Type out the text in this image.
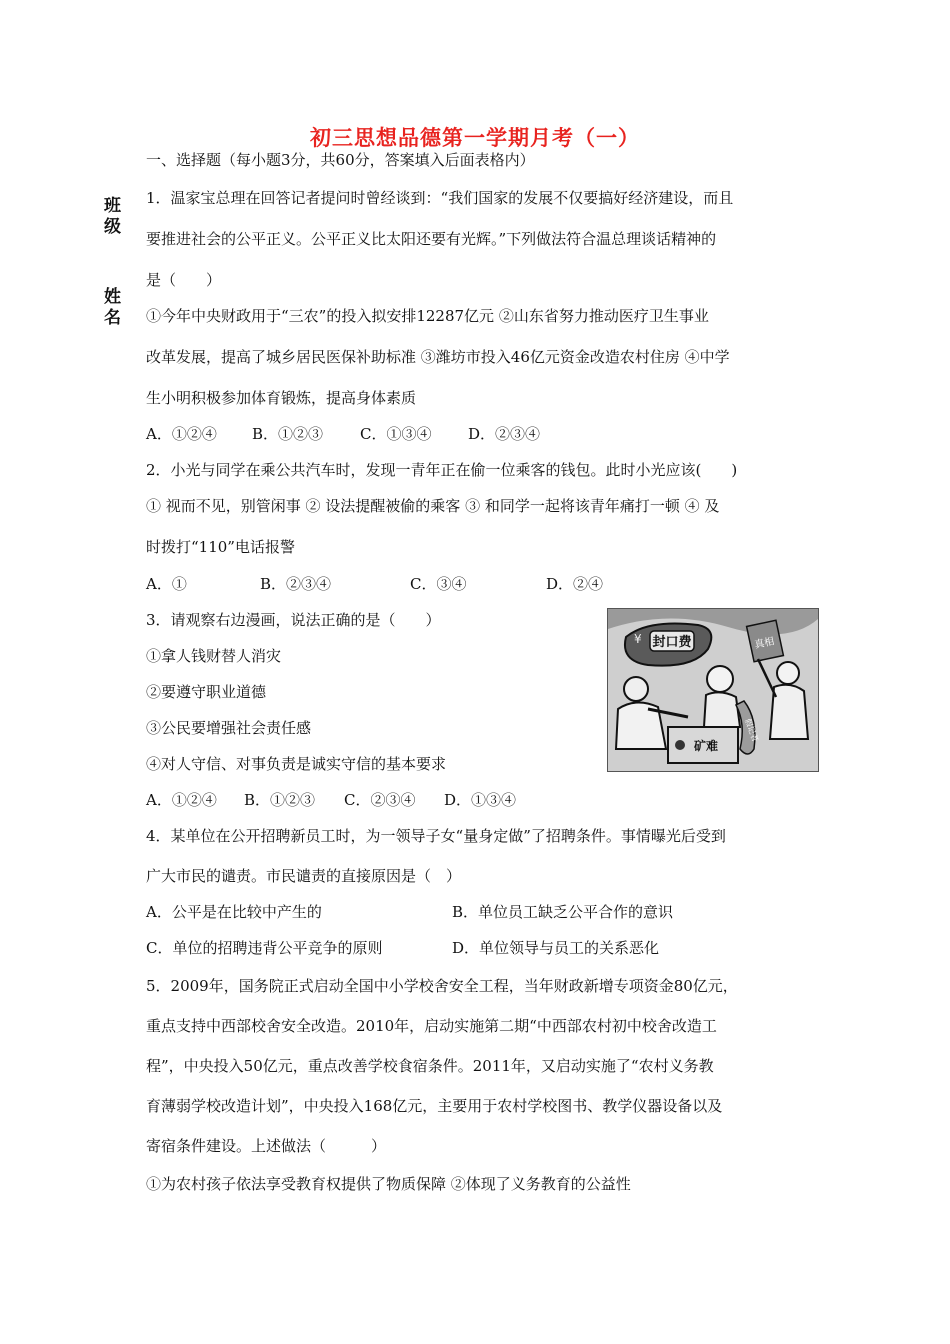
初三思想品德第一学期月考（一）
班
级
姓
名
一、选择题（每小题3分，共60分，答案填入后面表格内）
1．温家宝总理在回答记者提问时曾经谈到：“我们国家的发展不仅要搞好经济建设，而且
要推进社会的公平正义。公平正义比太阳还要有光辉。”下列做法符合温总理谈话精神的
是（　　）
①今年中央财政用于“三农”的投入拟安排12287亿元 ②山东省努力推动医疗卫生事业
改革发展，提高了城乡居民医保补助标准 ③潍坊市投入46亿元资金改造农村住房 ④中学
生小明积极参加体育锻炼，提高身体素质
A．①②④ B．①②③ C．①③④ D．②③④
2．小光与同学在乘公共汽车时，发现一青年正在偷一位乘客的钱包。此时小光应该(　　)
① 视而不见，别管闲事 ② 设法提醒被偷的乘客 ③ 和同学一起将该青年痛打一顿 ④ 及
时拨打“110”电话报警
A．①	B．②③④	C．③④	D．②④
3．请观察右边漫画，说法正确的是（　　）
①拿人钱财替人消灾
②要遵守职业道德
③公民要增强社会责任感
④对人守信、对事负责是诚实守信的基本要求
A．①②④ B．①②③ C．②③④ D．①③④
封口费
¥
矿难
真相
假记者
4．某单位在公开招聘新员工时，为一领导子女“量身定做”了招聘条件。事情曝光后受到
广大市民的谴责。市民谴责的直接原因是（　）
A．公平是在比较中产生的	B．单位员工缺乏公平合作的意识
C．单位的招聘违背公平竞争的原则	D．单位领导与员工的关系恶化
5．2009年，国务院正式启动全国中小学校舍安全工程，当年财政新增专项资金80亿元，
重点支持中西部校舍安全改造。2010年，启动实施第二期“中西部农村初中校舍改造工
程”，中央投入50亿元，重点改善学校食宿条件。2011年，又启动实施了“农村义务教
育薄弱学校改造计划”，中央投入168亿元，主要用于农村学校图书、教学仪器设备以及
寄宿条件建设。上述做法（　　　）
①为农村孩子依法享受教育权提供了物质保障 ②体现了义务教育的公益性
